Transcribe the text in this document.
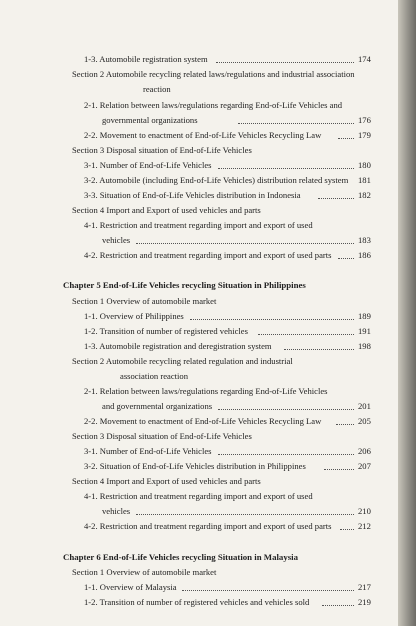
1-3. Automobile registration system	174
Section 2 Automobile recycling related laws/regulations and industrial association
reaction
2-1. Relation between laws/regulations regarding End-of-Life Vehicles and
governmental organizations	176
2-2. Movement to enactment of End-of-Life Vehicles Recycling Law	179
Section 3 Disposal situation of End-of-Life Vehicles
3-1. Number of End-of-Life Vehicles	180
3-2. Automobile (including End-of-Life Vehicles) distribution related system 181
3-3. Situation of End-of-Life Vehicles distribution in Indonesia	182
Section 4 Import and Export of used vehicles and parts
4-1. Restriction and treatment regarding import and export of used
vehicles	183
4-2. Restriction and treatment regarding import and export of used parts	186
Chapter 5 End-of-Life Vehicles recycling Situation in Philippines
Section 1 Overview of automobile market
1-1. Overview of Philippines	189
1-2. Transition of number of registered vehicles	191
1-3. Automobile registration and deregistration system	198
Section 2 Automobile recycling related regulation and industrial
association reaction
2-1. Relation between laws/regulations regarding End-of-Life Vehicles
and governmental organizations	201
2-2. Movement to enactment of End-of-Life Vehicles Recycling Law	205
Section 3 Disposal situation of End-of-Life Vehicles
3-1. Number of End-of-Life Vehicles	206
3-2. Situation of End-of-Life Vehicles distribution in Philippines	207
Section 4 Import and Export of used vehicles and parts
4-1. Restriction and treatment regarding import and export of used
vehicles	210
4-2. Restriction and treatment regarding import and export of used parts	212
Chapter 6 End-of-Life Vehicles recycling Situation in Malaysia
Section 1 Overview of automobile market
1-1. Overview of Malaysia	217
1-2. Transition of number of registered vehicles and vehicles sold	219
